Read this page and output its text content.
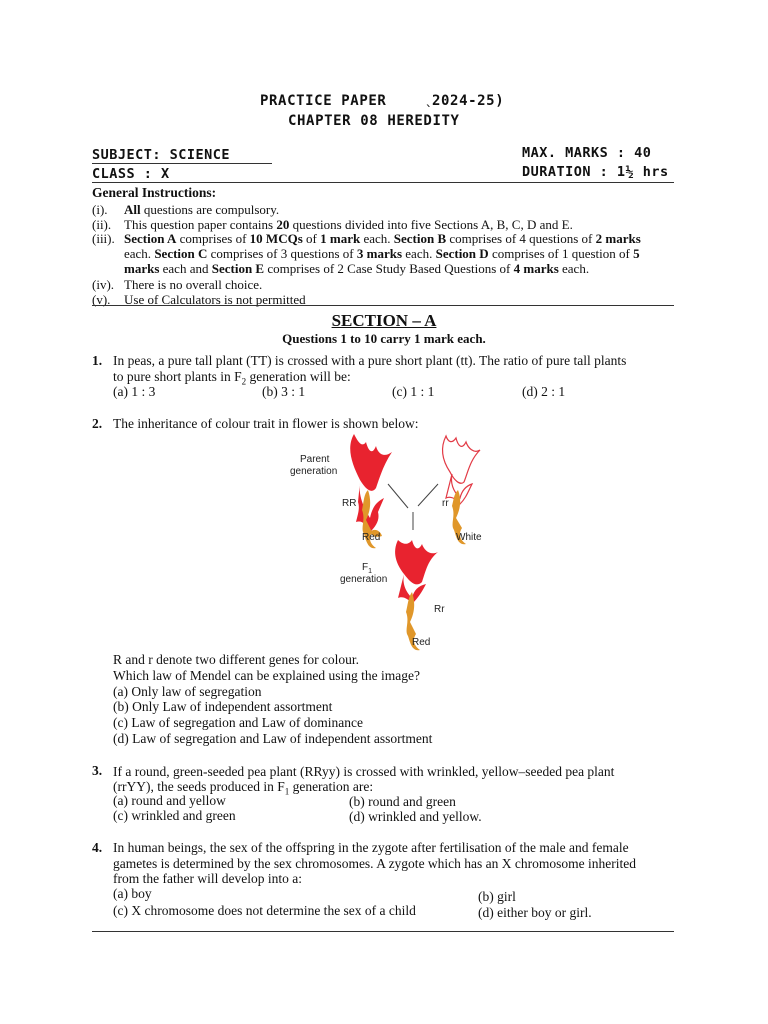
PRACTICE PAPER	ˎ
2024-25)
CHAPTER 08 HEREDITY
SUBJECT: SCIENCE
CLASS : X
MAX. MARKS : 40
DURATION : 1½ hrs
General Instructions:
(i). All questions are compulsory.
(ii). This question paper contains 20 questions divided into five Sections A, B, C, D and E.
(iii). Section A comprises of 10 MCQs of 1 mark each. Section B comprises of 4 questions of 2 marks
each. Section C comprises of 3 questions of 3 marks each. Section D comprises of 1 question of 5
marks each and Section E comprises of 2 Case Study Based Questions of 4 marks each.
(iv). There is no overall choice.
(v). Use of Calculators is not permitted
SECTION – A
Questions 1 to 10 carry 1 mark each.
1. In peas, a pure tall plant (TT) is crossed with a pure short plant (tt). The ratio of pure tall plants
to pure short plants in $F_2$ generation will be:
(a) 1 : 3	(b) 3 : 1	(c) 1 : 1	(d) 2 : 1
2. The inheritance of colour trait in flower is shown below:
Parent
generation
RR	rr
Red	White
$F_1$
generation
Rr
Red
R and r denote two different genes for colour.
Which law of Mendel can be explained using the image?
(a) Only law of segregation
(b) Only Law of independent assortment
(c) Law of segregation and Law of dominance
(d) Law of segregation and Law of independent assortment
3. If a round, green-seeded pea plant (RRyy) is crossed with wrinkled, yellow–seeded pea plant
(rrYY), the seeds produced in $F_1$ generation are:
(a) round and yellow	(b) round and green
(c) wrinkled and green	(d) wrinkled and yellow.
4. In human beings, the sex of the offspring in the zygote after fertilisation of the male and female
gametes is determined by the sex chromosomes. A zygote which has an X chromosome inherited
from the father will develop into a:
(a) boy	(b) girl
(c) X chromosome does not determine the sex of a child	(d) either boy or girl.
